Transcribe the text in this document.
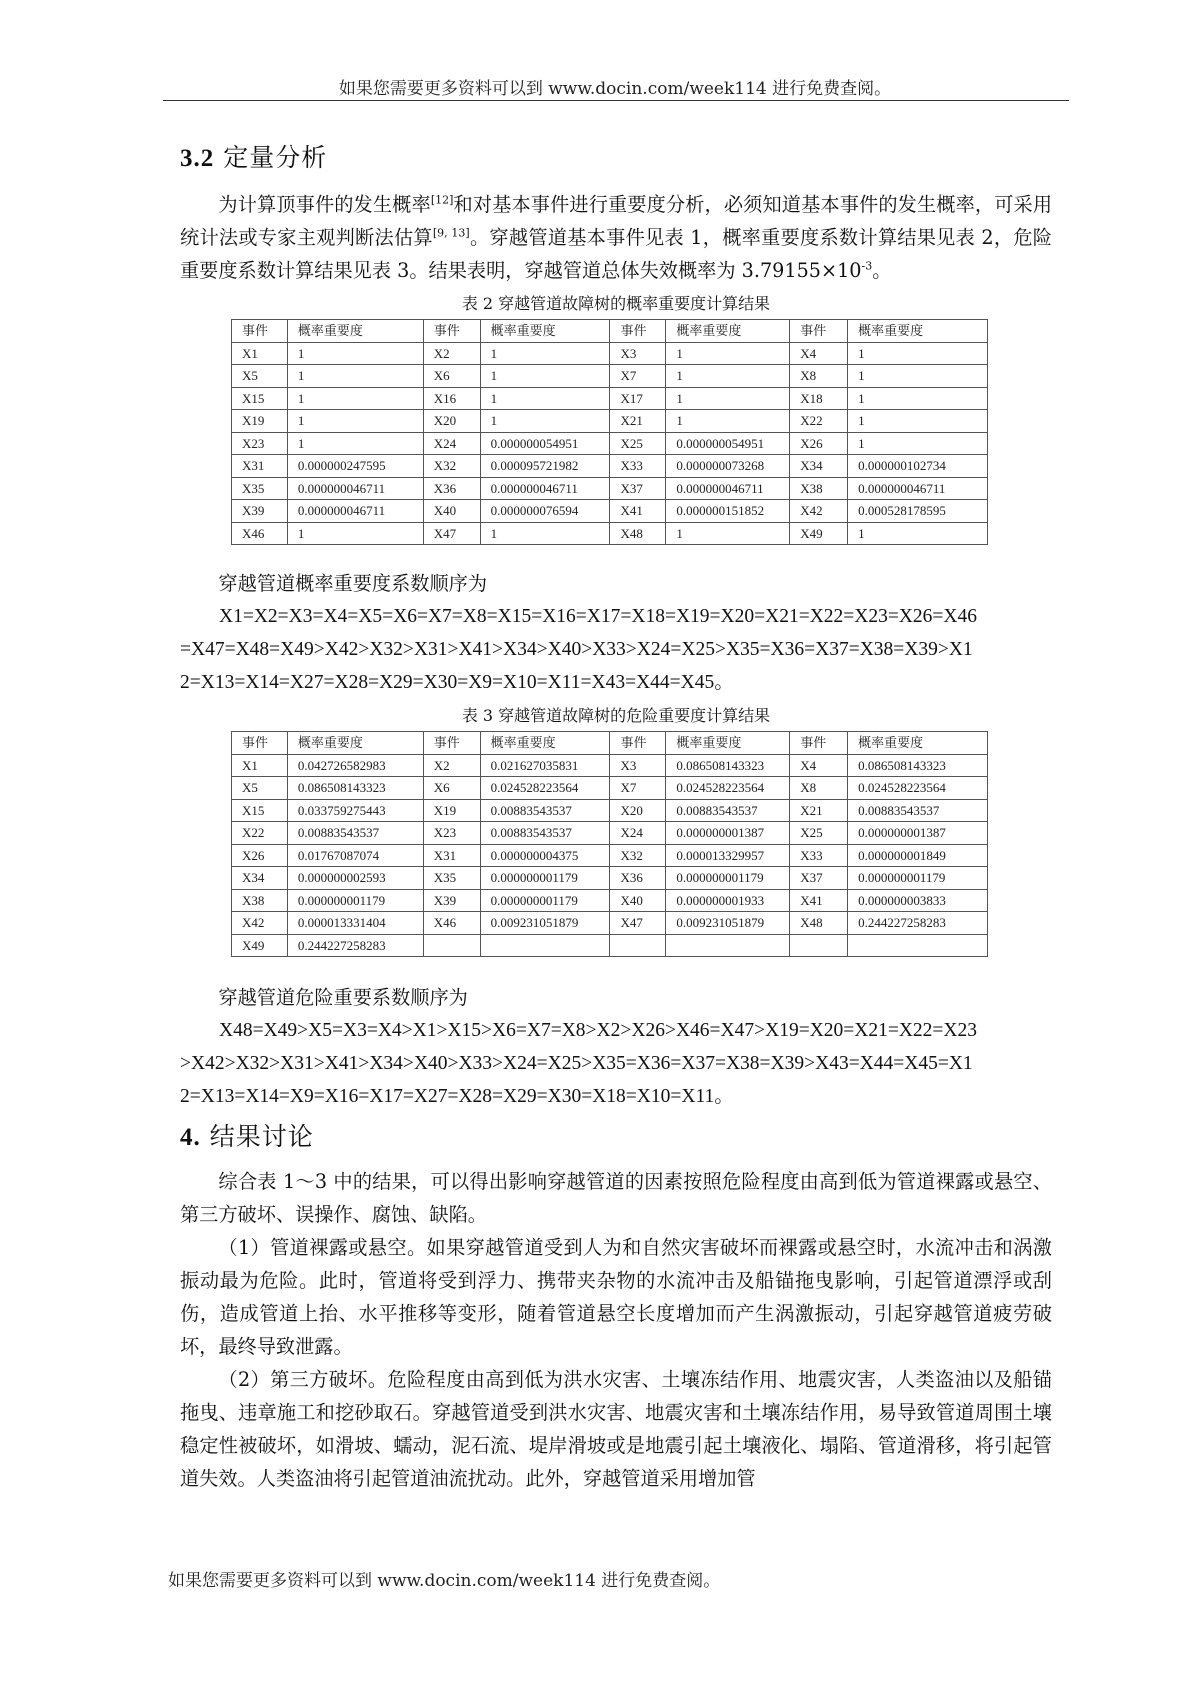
如果您需要更多资料可以到 www.docin.com/week114 进行免费查阅。
3.2 定量分析

为计算顶事件的发生概率[12]和对基本事件进行重要度分析，必须知道基本事件的发生概率，可采用统计法或专家主观判断法估算[9, 13]。穿越管道基本事件见表 1，概率重要度系数计算结果见表 2，危险重要度系数计算结果见表 3。结果表明，穿越管道总体失效概率为 $3.79155\times 10^{-3}$。

表 2 穿越管道故障树的概率重要度计算结果
事件	概率重要度	事件	概率重要度	事件	概率重要度	事件	概率重要度
X1	1	X2	1	X3	1	X4	1
X5	1	X6	1	X7	1	X8	1
X15	1	X16	1	X17	1	X18	1
X19	1	X20	1	X21	1	X22	1
X23	1	X24	0.000000054951	X25	0.000000054951	X26	1
X31	0.000000247595	X32	0.000095721982	X33	0.000000073268	X34	0.000000102734
X35	0.000000046711	X36	0.000000046711	X37	0.000000046711	X38	0.000000046711
X39	0.000000046711	X40	0.000000076594	X41	0.000000151852	X42	0.000528178595
X46	1	X47	1	X48	1	X49	1

穿越管道概率重要度系数顺序为

X1=X2=X3=X4=X5=X6=X7=X8=X15=X16=X17=X18=X19=X20=X21=X22=X23=X26=X46

=X47=X48=X49>X42>X32>X31>X41>X34>X40>X33>X24=X25>X35=X36=X37=X38=X39>X1

2=X13=X14=X27=X28=X29=X30=X9=X10=X11=X43=X44=X45。

表 3 穿越管道故障树的危险重要度计算结果
事件	概率重要度	事件	概率重要度	事件	概率重要度	事件	概率重要度
X1	0.042726582983	X2	0.021627035831	X3	0.086508143323	X4	0.086508143323
X5	0.086508143323	X6	0.024528223564	X7	0.024528223564	X8	0.024528223564
X15	0.033759275443	X19	0.00883543537	X20	0.00883543537	X21	0.00883543537
X22	0.00883543537	X23	0.00883543537	X24	0.000000001387	X25	0.000000001387
X26	0.01767087074	X31	0.000000004375	X32	0.000013329957	X33	0.000000001849
X34	0.000000002593	X35	0.000000001179	X36	0.000000001179	X37	0.000000001179
X38	0.000000001179	X39	0.000000001179	X40	0.000000001933	X41	0.000000003833
X42	0.000013331404	X46	0.009231051879	X47	0.009231051879	X48	0.244227258283
X49	0.244227258283						

穿越管道危险重要系数顺序为

X48=X49>X5=X3=X4>X1>X15>X6=X7=X8>X2>X26>X46=X47>X19=X20=X21=X22=X23

>X42>X32>X31>X41>X34>X40>X33>X24=X25>X35=X36=X37=X38=X39>X43=X44=X45=X1

2=X13=X14=X9=X16=X17=X27=X28=X29=X30=X18=X10=X11。

4. 结果讨论

综合表 1～3 中的结果，可以得出影响穿越管道的因素按照危险程度由高到低为管道裸露或悬空、第三方破坏、误操作、腐蚀、缺陷。

（1）管道裸露或悬空。如果穿越管道受到人为和自然灾害破坏而裸露或悬空时，水流冲击和涡激振动最为危险。此时，管道将受到浮力、携带夹杂物的水流冲击及船锚拖曳影响，引起管道漂浮或刮伤，造成管道上抬、水平推移等变形，随着管道悬空长度增加而产生涡激振动，引起穿越管道疲劳破坏，最终导致泄露。

（2）第三方破坏。危险程度由高到低为洪水灾害、土壤冻结作用、地震灾害，人类盗油以及船锚拖曳、违章施工和挖砂取石。穿越管道受到洪水灾害、地震灾害和土壤冻结作用，易导致管道周围土壤稳定性被破坏，如滑坡、蠕动，泥石流、堤岸滑坡或是地震引起土壤液化、塌陷、管道滑移，将引起管道失效。人类盗油将引起管道油流扰动。此外，穿越管道采用增加管

如果您需要更多资料可以到 www.docin.com/week114 进行免费查阅。
